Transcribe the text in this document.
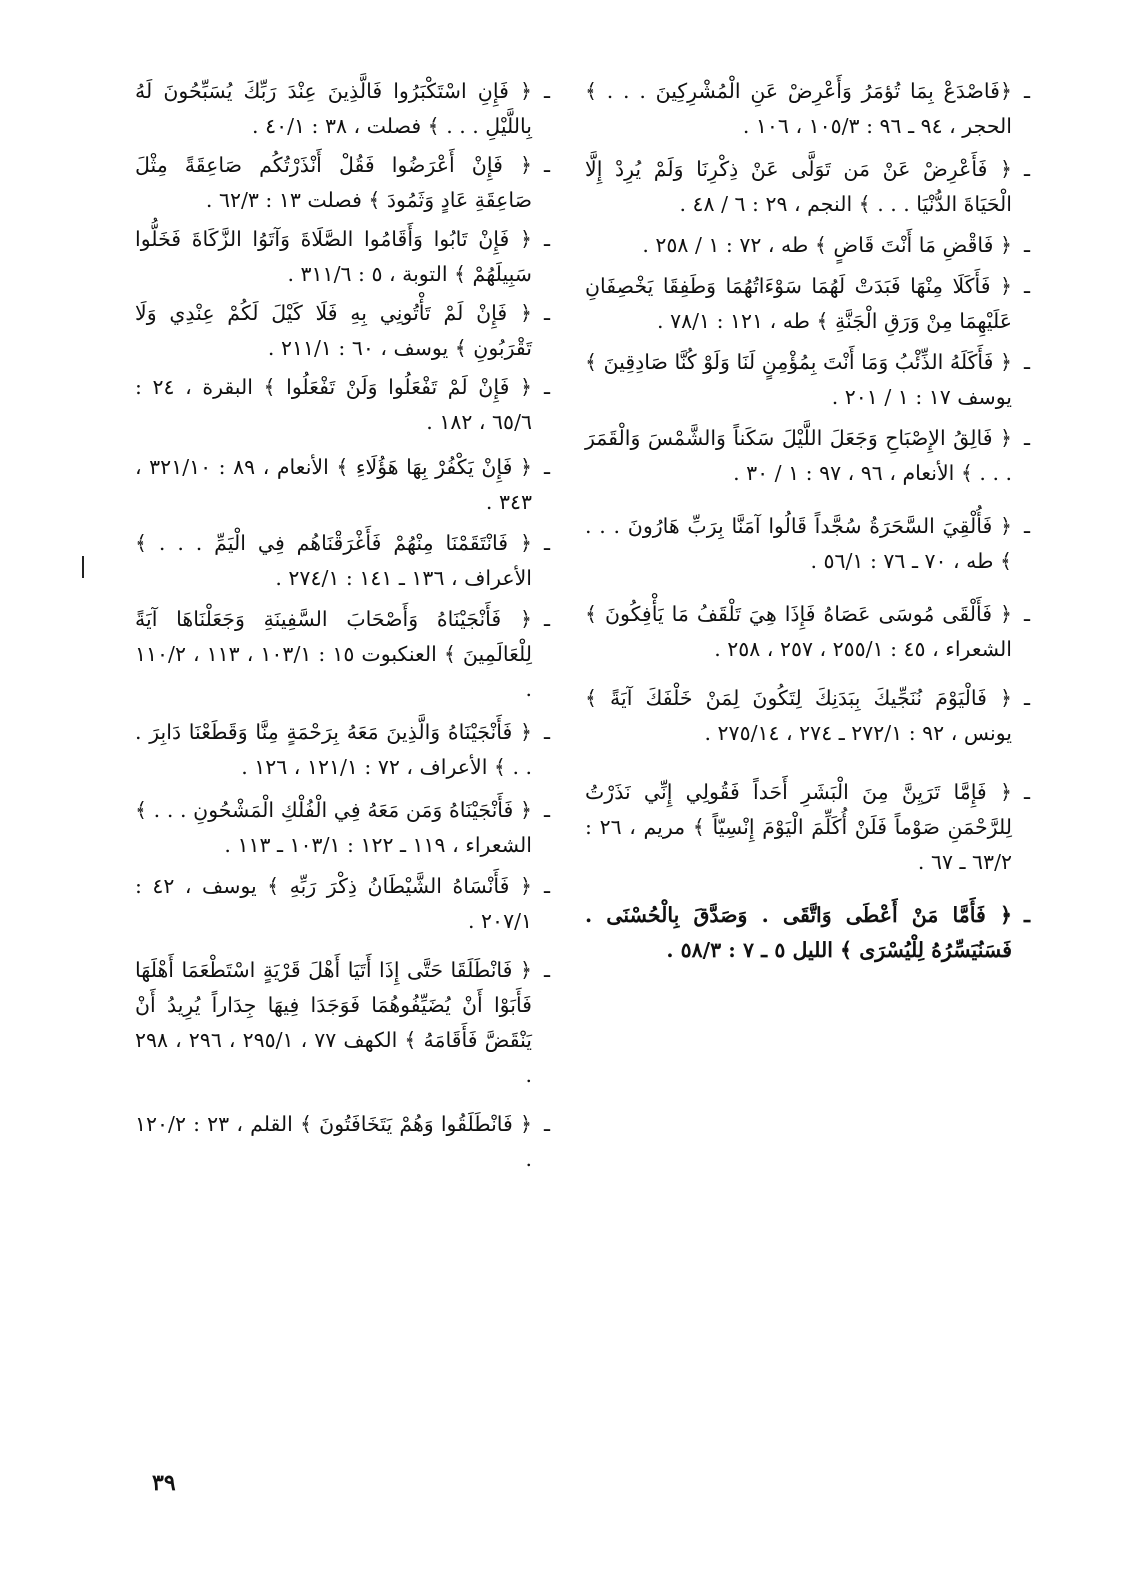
ـ
﴿فَاصْدَعْ بِمَا تُؤمَرُ وَأَعْرِضْ عَنِ الْمُشْرِكِينَ . . . ﴾ الحجر ، ٩٤ ـ ٩٦ : ١٠٥/٣ ، ١٠٦ .
ـ
﴿ فَأَعْرِضْ عَنْ مَن تَوَلَّى عَنْ ذِكْرِنَا وَلَمْ يُرِدْ إِلَّا الْحَيَاةَ الدُّنْيَا . . . ﴾ النجم ، ٢٩ : ٦ / ٤٨ .
ـ
﴿ فَاقْضِ مَا أَنْتَ قَاضٍ ﴾ طه ، ٧٢ : ١ / ٢٥٨ .
ـ
﴿ فَأَكَلَا مِنْهَا فَبَدَتْ لَهُمَا سَوْءَاتُهُمَا وَطَفِقَا يَخْصِفَانِ عَلَيْهِمَا مِنْ وَرَقِ الْجَنَّةِ ﴾ طه ، ١٢١ : ٧٨/١ .
ـ
﴿ فَأَكَلَهُ الذِّئْبُ وَمَا أَنْتَ بِمُؤْمِنٍ لَنَا وَلَوْ كُنَّا صَادِقِينَ ﴾ يوسف ١٧ : ١ / ٢٠١ .
ـ
﴿ فَالِقُ الإِصْبَاحِ وَجَعَلَ اللَّيْلَ سَكَناً وَالشَّمْسَ وَالْقَمَرَ . . . ﴾ الأنعام ، ٩٦ ، ٩٧ : ١ / ٣٠ .
ـ
﴿ فَأُلْقِيَ السَّحَرَةُ سُجَّداً قَالُوا آمَنَّا بِرَبِّ هَارُونَ . . . ﴾ طه ، ٧٠ ـ ٧٦ : ٥٦/١ .
ـ
﴿ فَأَلْقَى مُوسَى عَصَاهُ فَإِذَا هِيَ تَلْقَفُ مَا يَأْفِكُونَ ﴾ الشعراء ، ٤٥ : ٢٥٥/١ ، ٢٥٧ ، ٢٥٨ .
ـ
﴿ فَالْيَوْمَ نُنَجِّيكَ بِبَدَنِكَ لِتَكُونَ لِمَنْ خَلْفَكَ آيَةً ﴾ يونس ، ٩٢ : ٢٧٢/١ ـ ٢٧٤ ، ٢٧٥/١٤ .
ـ
﴿ فَإِمَّا تَرَيِنَّ مِنَ الْبَشَرِ أَحَداً فَقُولِي إِنِّي نَذَرْتُ لِلرَّحْمَنِ صَوْماً فَلَنْ أُكَلِّمَ الْيَوْمَ إِنْسِيّاً ﴾ مريم ، ٢٦ : ٦٣/٢ ـ ٦٧ .
ـ
﴿ فَأَمَّا مَنْ أَعْطَى وَاتَّقَى . وَصَدَّقَ بِالْحُسْنَى . فَسَنُيَسِّرُهُ لِلْيُسْرَى ﴾ الليل ٥ ـ ٧ : ٥٨/٣ .
ـ
﴿ فَإِنِ اسْتَكْبَرُوا فَالَّذِينَ عِنْدَ رَبِّكَ يُسَبِّحُونَ لَهُ بِاللَّيْلِ . . . ﴾ فصلت ، ٣٨ : ٤٠/١ .
ـ
﴿ فَإِنْ أَعْرَضُوا فَقُلْ أَنْذَرْتُكُم صَاعِقَةً مِثْلَ صَاعِقَةِ عَادٍ وَثَمُودَ ﴾ فصلت ١٣ : ٦٢/٣ .
ـ
﴿ فَإِنْ تَابُوا وَأَقَامُوا الصَّلَاةَ وَآتَوُا الزَّكَاةَ فَخَلُّوا سَبِيلَهُمْ ﴾ التوبة ، ٥ : ٣١١/٦ .
ـ
﴿ فَإِنْ لَمْ تَأْتُونِي بِهِ فَلَا كَيْلَ لَكُمْ عِنْدِي وَلَا تَقْرَبُونِ ﴾ يوسف ، ٦٠ : ٢١١/١ .
ـ
﴿ فَإِنْ لَمْ تَفْعَلُوا وَلَنْ تَفْعَلُوا ﴾ البقرة ، ٢٤ : ٦٥/٦ ، ١٨٢ .
ـ
﴿ فَإِنْ يَكْفُرْ بِهَا هَؤُلَاءِ ﴾ الأنعام ، ٨٩ : ٣٢١/١٠ ، ٣٤٣ .
ـ
﴿ فَانْتَقَمْنَا مِنْهُمْ فَأَغْرَقْنَاهُم فِي الْيَمِّ . . . ﴾ الأعراف ، ١٣٦ ـ ١٤١ : ٢٧٤/١ .
ـ
﴿ فَأَنْجَيْنَاهُ وَأَصْحَابَ السَّفِينَةِ وَجَعَلْنَاهَا آيَةً لِلْعَالَمِينَ ﴾ العنكبوت ١٥ : ١٠٣/١ ، ١١٣ ، ١١٠/٢ .
ـ
﴿ فَأَنْجَيْنَاهُ وَالَّذِينَ مَعَهُ بِرَحْمَةٍ مِنَّا وَقَطَعْنَا دَابِرَ . . . ﴾ الأعراف ، ٧٢ : ١٢١/١ ، ١٢٦ .
ـ
﴿ فَأَنْجَيْنَاهُ وَمَن مَعَهُ فِي الْفُلْكِ الْمَشْحُونِ . . . ﴾ الشعراء ، ١١٩ ـ ١٢٢ : ١٠٣/١ ـ ١١٣ .
ـ
﴿ فَأَنْسَاهُ الشَّيْطَانُ ذِكْرَ رَبِّهِ ﴾ يوسف ، ٤٢ : ٢٠٧/١ .
ـ
﴿ فَانْطَلَقَا حَتَّى إِذَا أَتَيَا أَهْلَ قَرْيَةٍ اسْتَطْعَمَا أَهْلَهَا فَأَبَوْا أَنْ يُضَيِّفُوهُمَا فَوَجَدَا فِيهَا جِدَاراً يُرِيدُ أَنْ يَنْقَضَّ فَأَقَامَهُ ﴾ الكهف ٧٧ ، ٢٩٥/١ ، ٢٩٦ ، ٢٩٨ .
ـ
﴿ فَانْطَلَقُوا وَهُمْ يَتَخَافَتُونَ ﴾ القلم ، ٢٣ : ١٢٠/٢ .
٣٩
